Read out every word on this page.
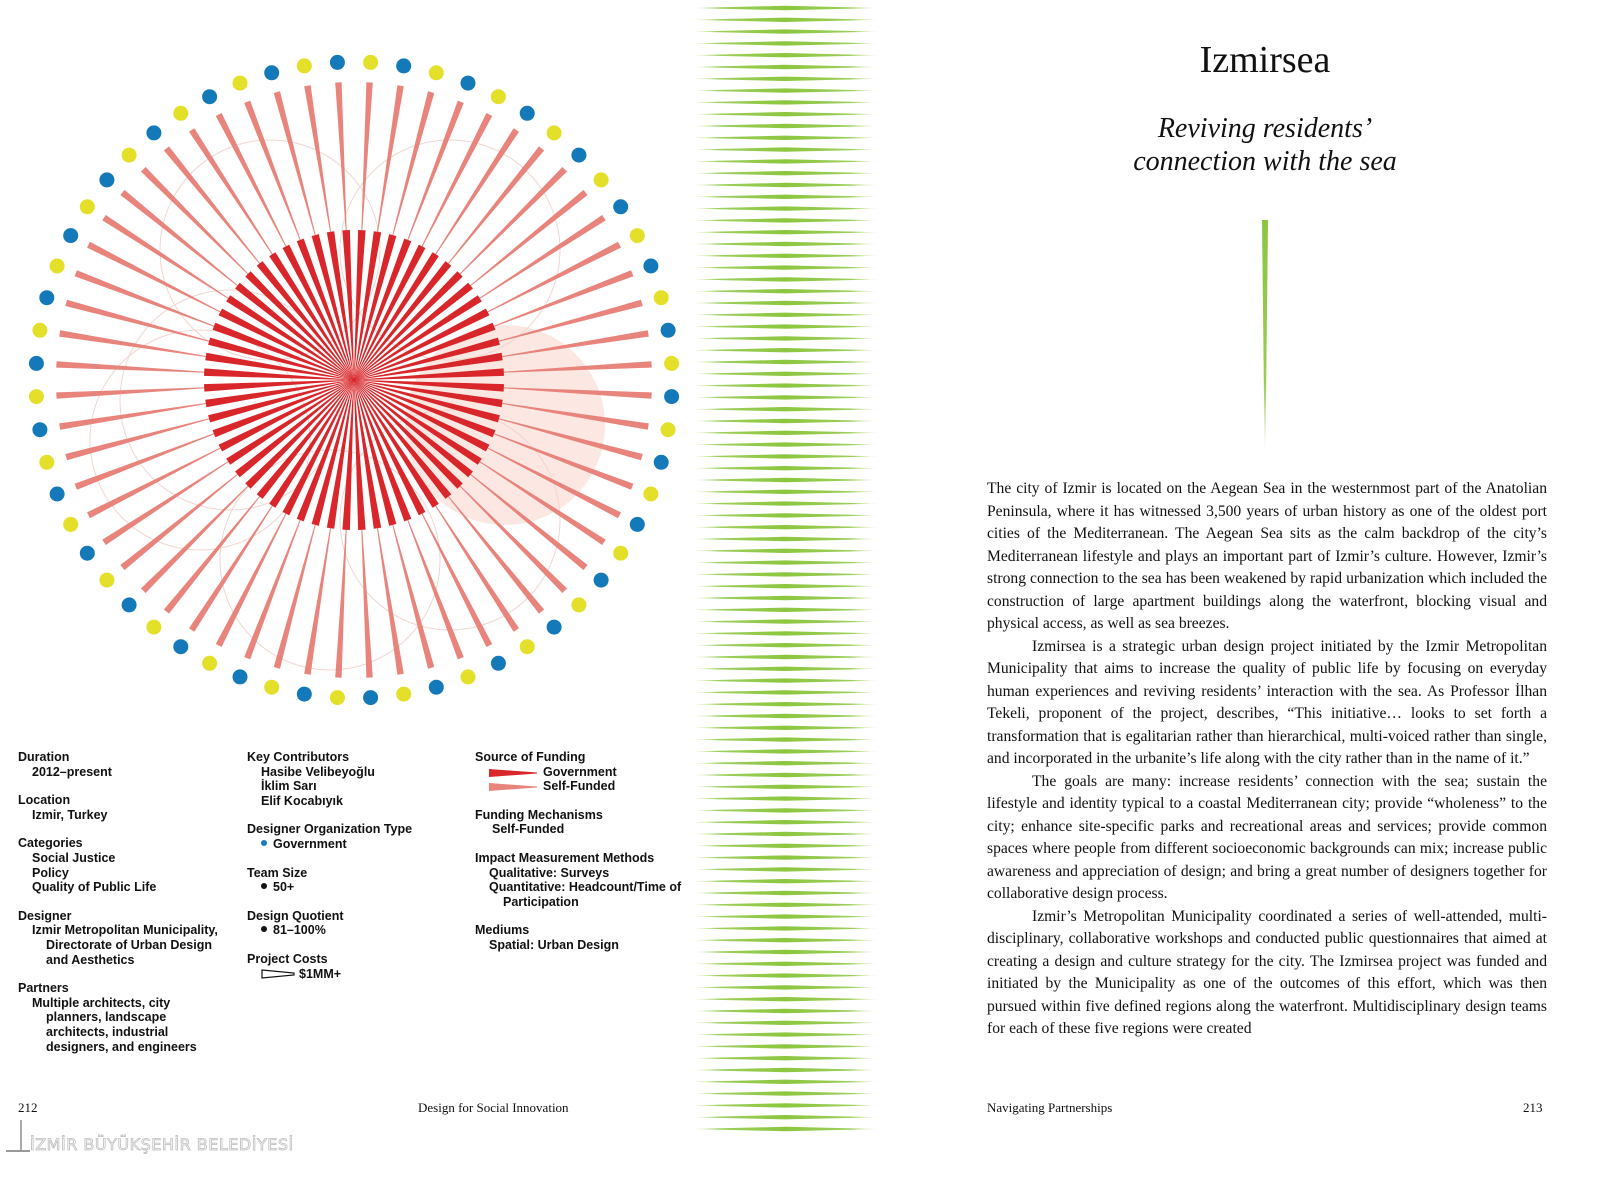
Duration
2012–present
Location
Izmir, Turkey
Categories
Social Justice
Policy
Quality of Public Life
Designer
Izmir Metropolitan Municipality, Directorate of Urban Design and Aesthetics
Partners
Multiple architects, city planners, landscape architects, industrial designers, and engineers
Key Contributors
Hasibe Velibeyoğlu
İklim Sarı
Elif Kocabıyık
Designer Organization Type
Government
Team Size
50+
Design Quotient
81–100%
Project Costs
$1MM+
Source of Funding
Government
Self-Funded
Funding Mechanisms
Self-Funded
Impact Measurement Methods
Qualitative: Surveys
Quantitative: Headcount/Time of Participation
Mediums
Spatial: Urban Design
212	Design for Social Innovation
İZMİR BÜYÜKŞEHİR BELEDİYESİ
Izmirsea
Reviving residents’
connection with the sea

The city of Izmir is located on the Aegean Sea in the westernmost part of the Anatolian Peninsula, where it has witnessed 3,500 years of urban history as one of the oldest port cities of the Mediterranean. The Aegean Sea sits as the calm backdrop of the city’s Mediterranean lifestyle and plays an important part of Izmir’s culture. However, Izmir’s strong connection to the sea has been weakened by rapid urbanization which included the construction of large apartment buildings along the waterfront, blocking visual and physical access, as well as sea breezes.

Izmirsea is a strategic urban design project initiated by the Izmir Metropolitan Municipality that aims to increase the quality of public life by focusing on everyday human experiences and reviving residents’ interaction with the sea. As Professor İlhan Tekeli, proponent of the project, describes, “This initiative… looks to set forth a transformation that is egalitarian rather than hierarchical, multi-voiced rather than single, and incorporated in the urbanite’s life along with the city rather than in the name of it.”

The goals are many: increase residents’ connection with the sea; sustain the lifestyle and identity typical to a coastal Mediterranean city; provide “wholeness” to the city; enhance site-specific parks and recreational areas and services; provide common spaces where people from different socioeconomic backgrounds can mix; increase public awareness and appreciation of design; and bring a great number of designers together for collaborative design process.

Izmir’s Metropolitan Municipality coordinated a series of well-attended, multi-disciplinary, collaborative workshops and conducted public questionnaires that aimed at creating a design and culture strategy for the city. The Izmirsea project was funded and initiated by the Municipality as one of the outcomes of this effort, which was then pursued within five defined regions along the waterfront. Multidisciplinary design teams for each of these five regions were created

Navigating Partnerships	213
